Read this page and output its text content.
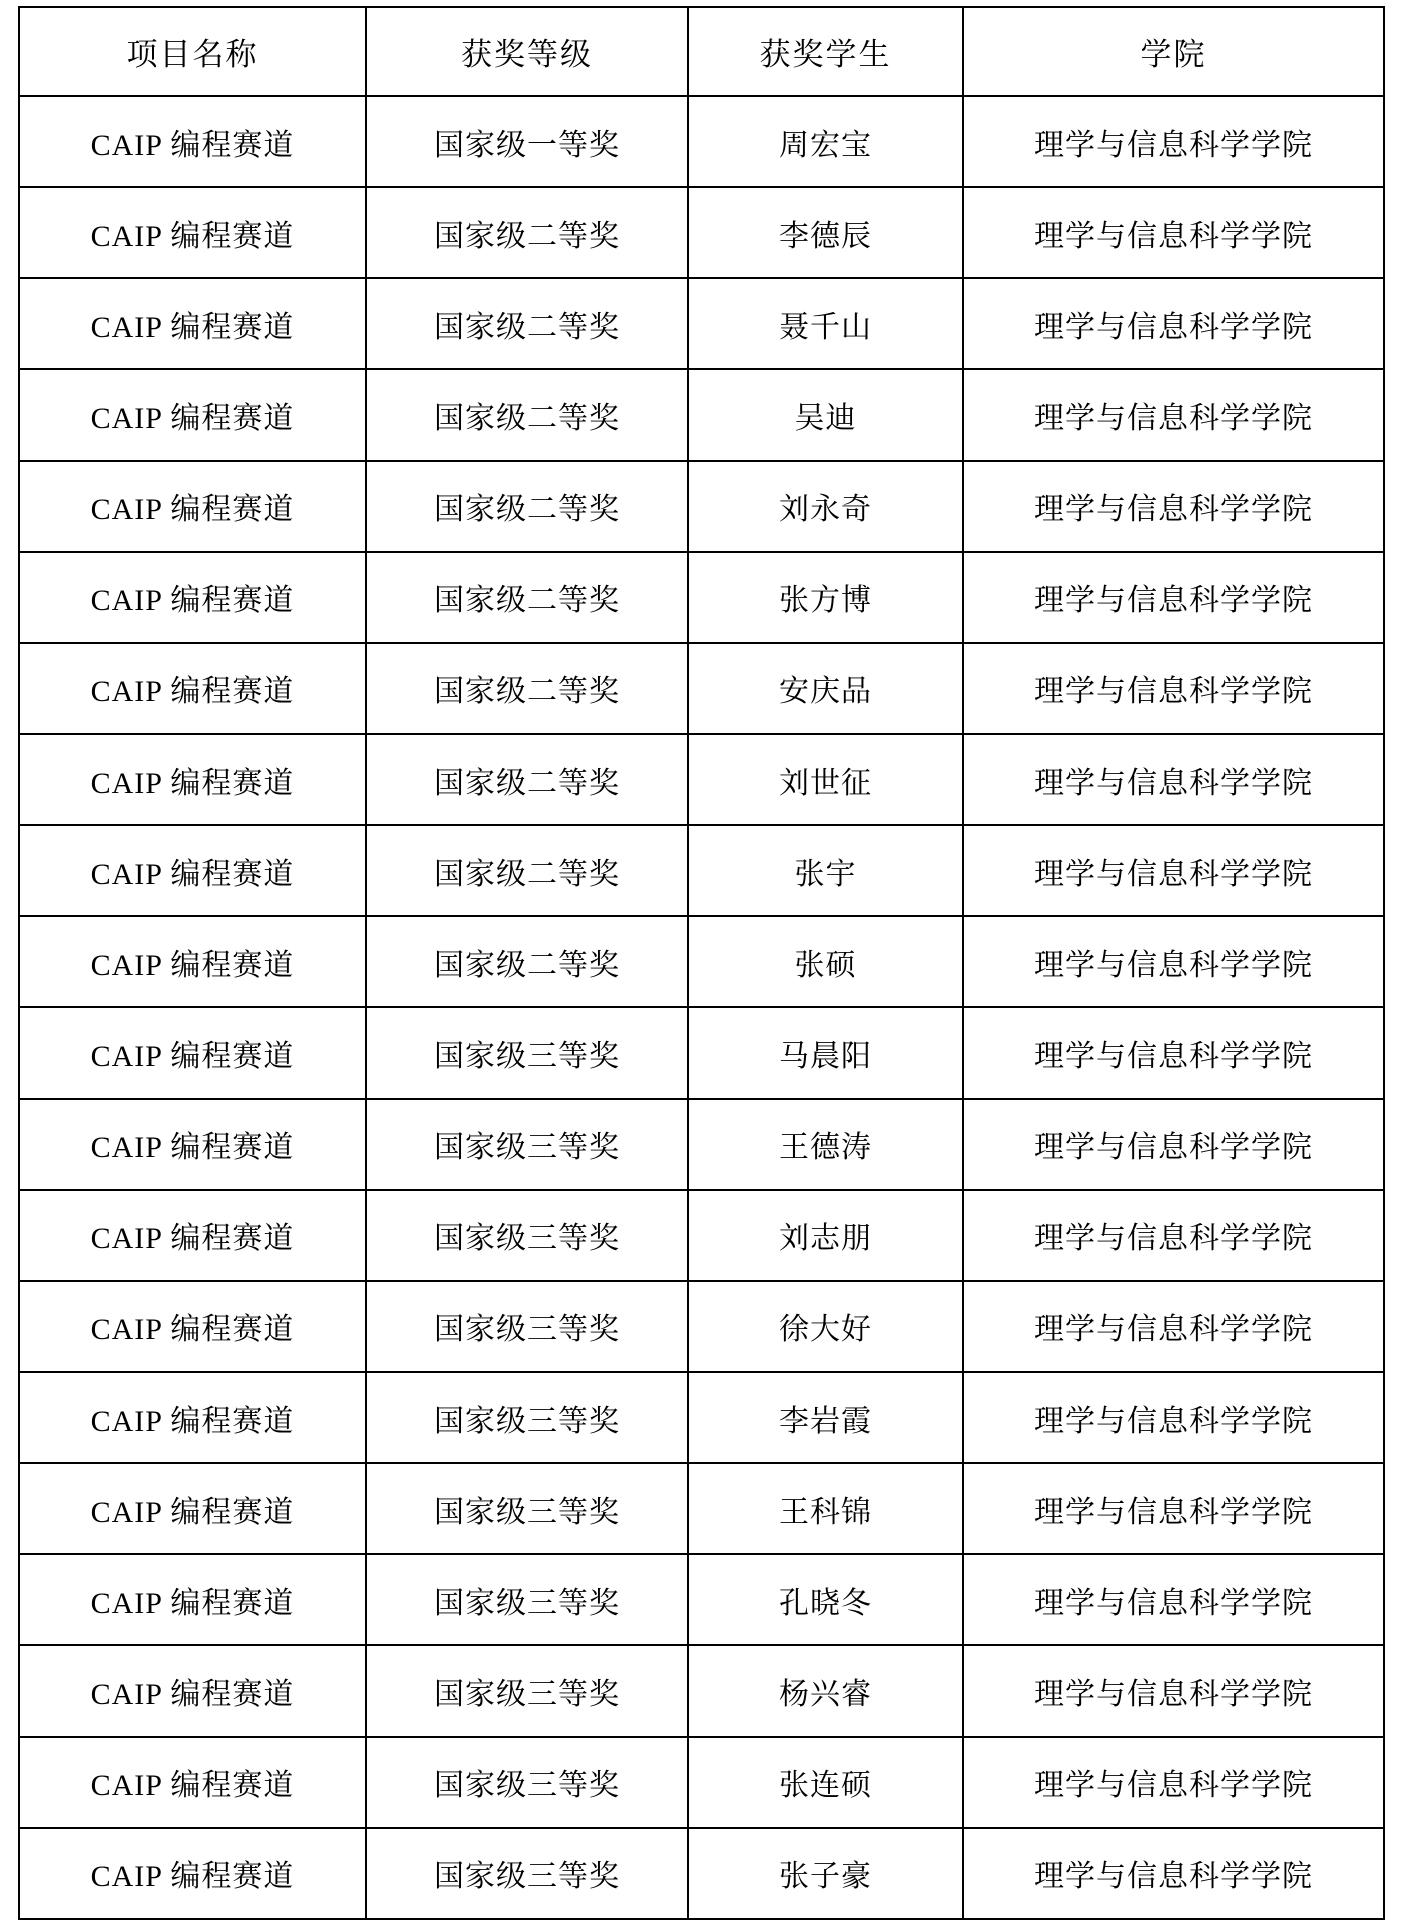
项目名称	获奖等级	获奖学生	学院
CAIP 编程赛道	国家级一等奖	周宏宝	理学与信息科学学院
CAIP 编程赛道	国家级二等奖	李德辰	理学与信息科学学院
CAIP 编程赛道	国家级二等奖	聂千山	理学与信息科学学院
CAIP 编程赛道	国家级二等奖	吴迪	理学与信息科学学院
CAIP 编程赛道	国家级二等奖	刘永奇	理学与信息科学学院
CAIP 编程赛道	国家级二等奖	张方博	理学与信息科学学院
CAIP 编程赛道	国家级二等奖	安庆品	理学与信息科学学院
CAIP 编程赛道	国家级二等奖	刘世征	理学与信息科学学院
CAIP 编程赛道	国家级二等奖	张宇	理学与信息科学学院
CAIP 编程赛道	国家级二等奖	张硕	理学与信息科学学院
CAIP 编程赛道	国家级三等奖	马晨阳	理学与信息科学学院
CAIP 编程赛道	国家级三等奖	王德涛	理学与信息科学学院
CAIP 编程赛道	国家级三等奖	刘志朋	理学与信息科学学院
CAIP 编程赛道	国家级三等奖	徐大好	理学与信息科学学院
CAIP 编程赛道	国家级三等奖	李岩霞	理学与信息科学学院
CAIP 编程赛道	国家级三等奖	王科锦	理学与信息科学学院
CAIP 编程赛道	国家级三等奖	孔晓冬	理学与信息科学学院
CAIP 编程赛道	国家级三等奖	杨兴睿	理学与信息科学学院
CAIP 编程赛道	国家级三等奖	张连硕	理学与信息科学学院
CAIP 编程赛道	国家级三等奖	张子豪	理学与信息科学学院
